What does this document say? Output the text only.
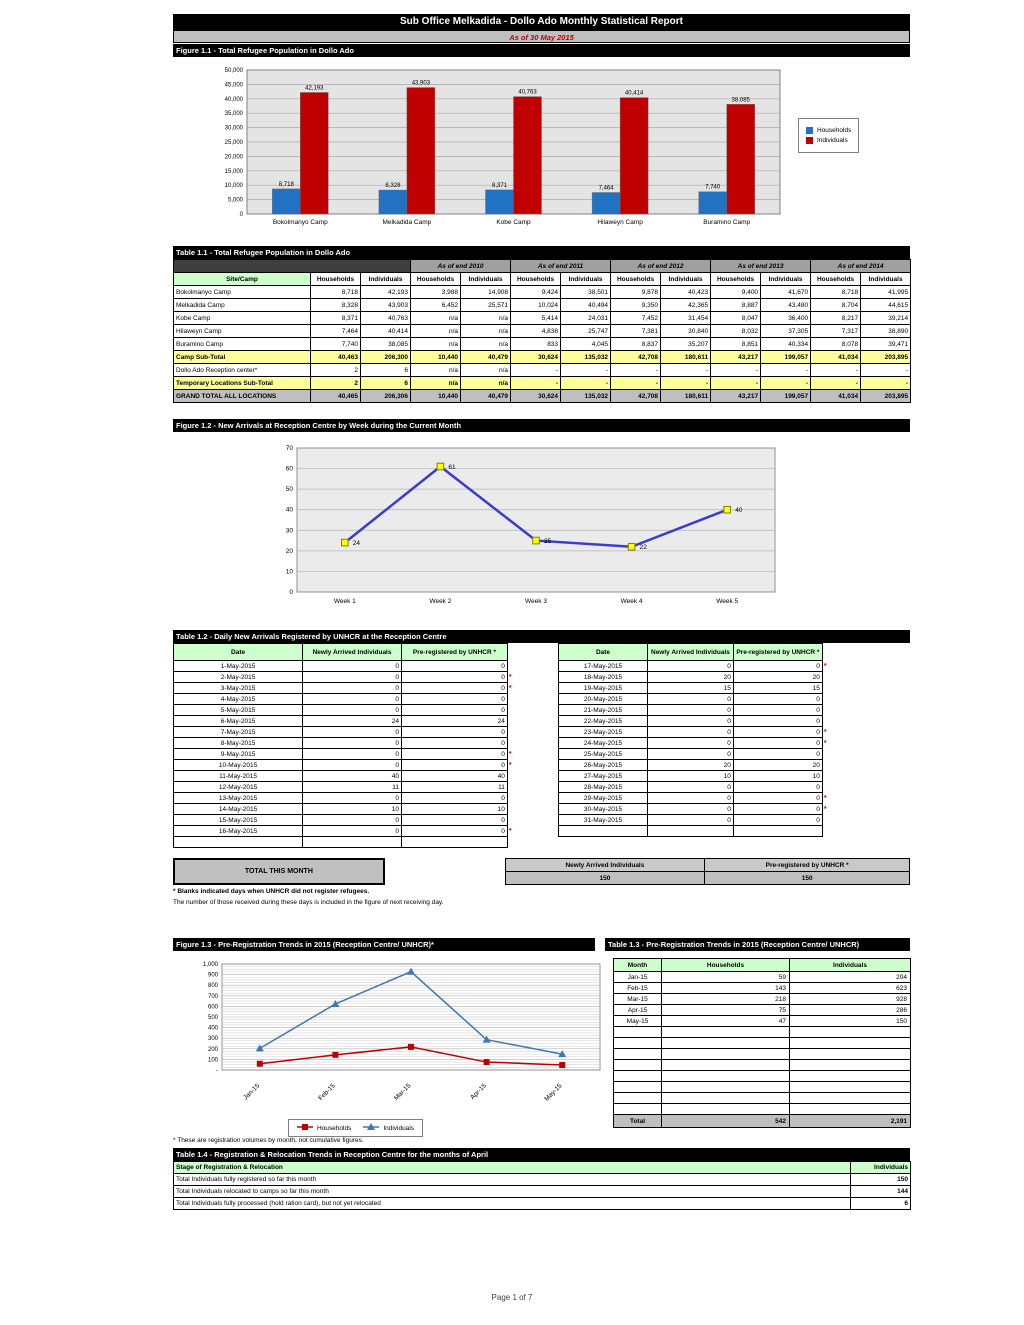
Sub Office Melkadida - Dollo Ado Monthly Statistical Report
As of 30 May 2015
Figure 1.1 - Total Refugee Population in Dollo Ado
0
5,000
10,000
15,000
20,000
25,000
30,000
35,000
40,000
45,000
50,000
8,718
42,193
Bokolmanyo Camp
8,328
43,903
Melkadida Camp
8,371
40,763
Kobe Camp
7,464
40,414
Hilaweyn Camp
7,740
38,085
Buramino Camp
Households
Individuals
Table 1.1 - Total Refugee Population in Dollo Ado
			As of end 2010		As of end 2011		As of end 2012		As of end 2013		As of end 2014	
Site/Camp	Households	Individuals	Households	Individuals	Households	Individuals	Households	Individuals	Households	Individuals	Households	Individuals
Bokolmanyo Camp	8,718	42,193	3,988	14,908	9,424	38,501	9,878	40,423	9,400	41,670	8,718	41,995
Melkadida Camp	8,328	43,903	6,452	25,571	10,024	40,494	9,350	42,365	8,887	43,480	8,704	44,615
Kobe Camp	8,371	40,763	n/a	n/a	5,414	24,031	7,452	31,454	8,047	36,400	8,217	39,214
Hilaweyn Camp	7,464	40,414	n/a	n/a	4,838	25,747	7,381	30,840	8,032	37,305	7,317	38,890
Buramino Camp	7,740	38,085	n/a	n/a	833	4,045	8,837	35,207	8,851	40,334	8,078	39,471
Camp Sub-Total	40,463	206,300	10,440	40,479	30,624	135,032	42,708	180,611	43,217	199,057	41,034	203,895
Dollo Ado Reception center*	2	6	n/a	n/a	-	-	-	-	-	-	-	-
Temporary Locations Sub-Total	2	6	n/a	n/a	-	-	-	-	-	-	-	-
GRAND TOTAL ALL LOCATIONS	40,465	206,306	10,440	40,479	30,624	135,032	42,708	180,611	43,217	199,057	41,034	203,895
Figure 1.2 - New Arrivals at Reception Centre by Week during the Current Month
0
10
20
30
40
50
60
70
24
Week 1
61
Week 2
25
Week 3
22
Week 4
40
Week 5
Table 1.2 - Daily New Arrivals Registered by UNHCR at the Reception Centre
Date	Newly Arrived Individuals	Pre-registered by UNHCR *	
1-May-2015	0	0	
2-May-2015	0	0	*
3-May-2015	0	0	*
4-May-2015	0	0	
5-May-2015	0	0	
6-May-2015	24	24	
7-May-2015	0	0	
8-May-2015	0	0	
9-May-2015	0	0	*
10-May-2015	0	0	*
11-May-2015	40	40	
12-May-2015	11	11	
13-May-2015	0	0	
14-May-2015	10	10	
15-May-2015	0	0	
16-May-2015	0	0	*

Date	Newly Arrived Individuals	Pre-registered by UNHCR *	
17-May-2015	0	0	*
18-May-2015	20	20	
19-May-2015	15	15	
20-May-2015	0	0	
21-May-2015	0	0	
22-May-2015	0	0	
23-May-2015	0	0	*
24-May-2015	0	0	*
25-May-2015	0	0	
26-May-2015	20	20	
27-May-2015	10	10	
28-May-2015	0	0	
29-May-2015	0	0	*
30-May-2015	0	0	*
31-May-2015	0	0	

TOTAL THIS MONTH
Newly Arrived Individuals	Pre-registered by UNHCR *
150	150
* Blanks indicated days when UNHCR did not register refugees.
The number of those received during these days is included in the figure of next receiving day.
Figure 1.3 - Pre-Registration Trends in 2015 (Reception Centre/ UNHCR)*	Table 1.3 - Pre-Registration Trends in 2015 (Reception Centre/ UNHCR)
-
100
200
300
400
500
600
700
800
900
1,000
Jan-15	Feb-15	Mar-15	Apr-15	May-15

Households	Individuals
Month	Households	Individuals
Jan-15	59	204
Feb-15	143	623
Mar-15	218	928
Apr-15	75	286
May-15	47	150

Total	542	2,191
* These are registration volumes by month, not cumulative figures.
Table 1.4 - Registration & Relocation Trends in Reception Centre for the months of April
Stage of Registration & Relocation	Individuals
Total Individuals fully registered so far this month	150
Total Individuals relocated to camps so far this month	144
Total Individuals fully processed (hold ration card), but not yet relocated	6
Page 1 of 7
